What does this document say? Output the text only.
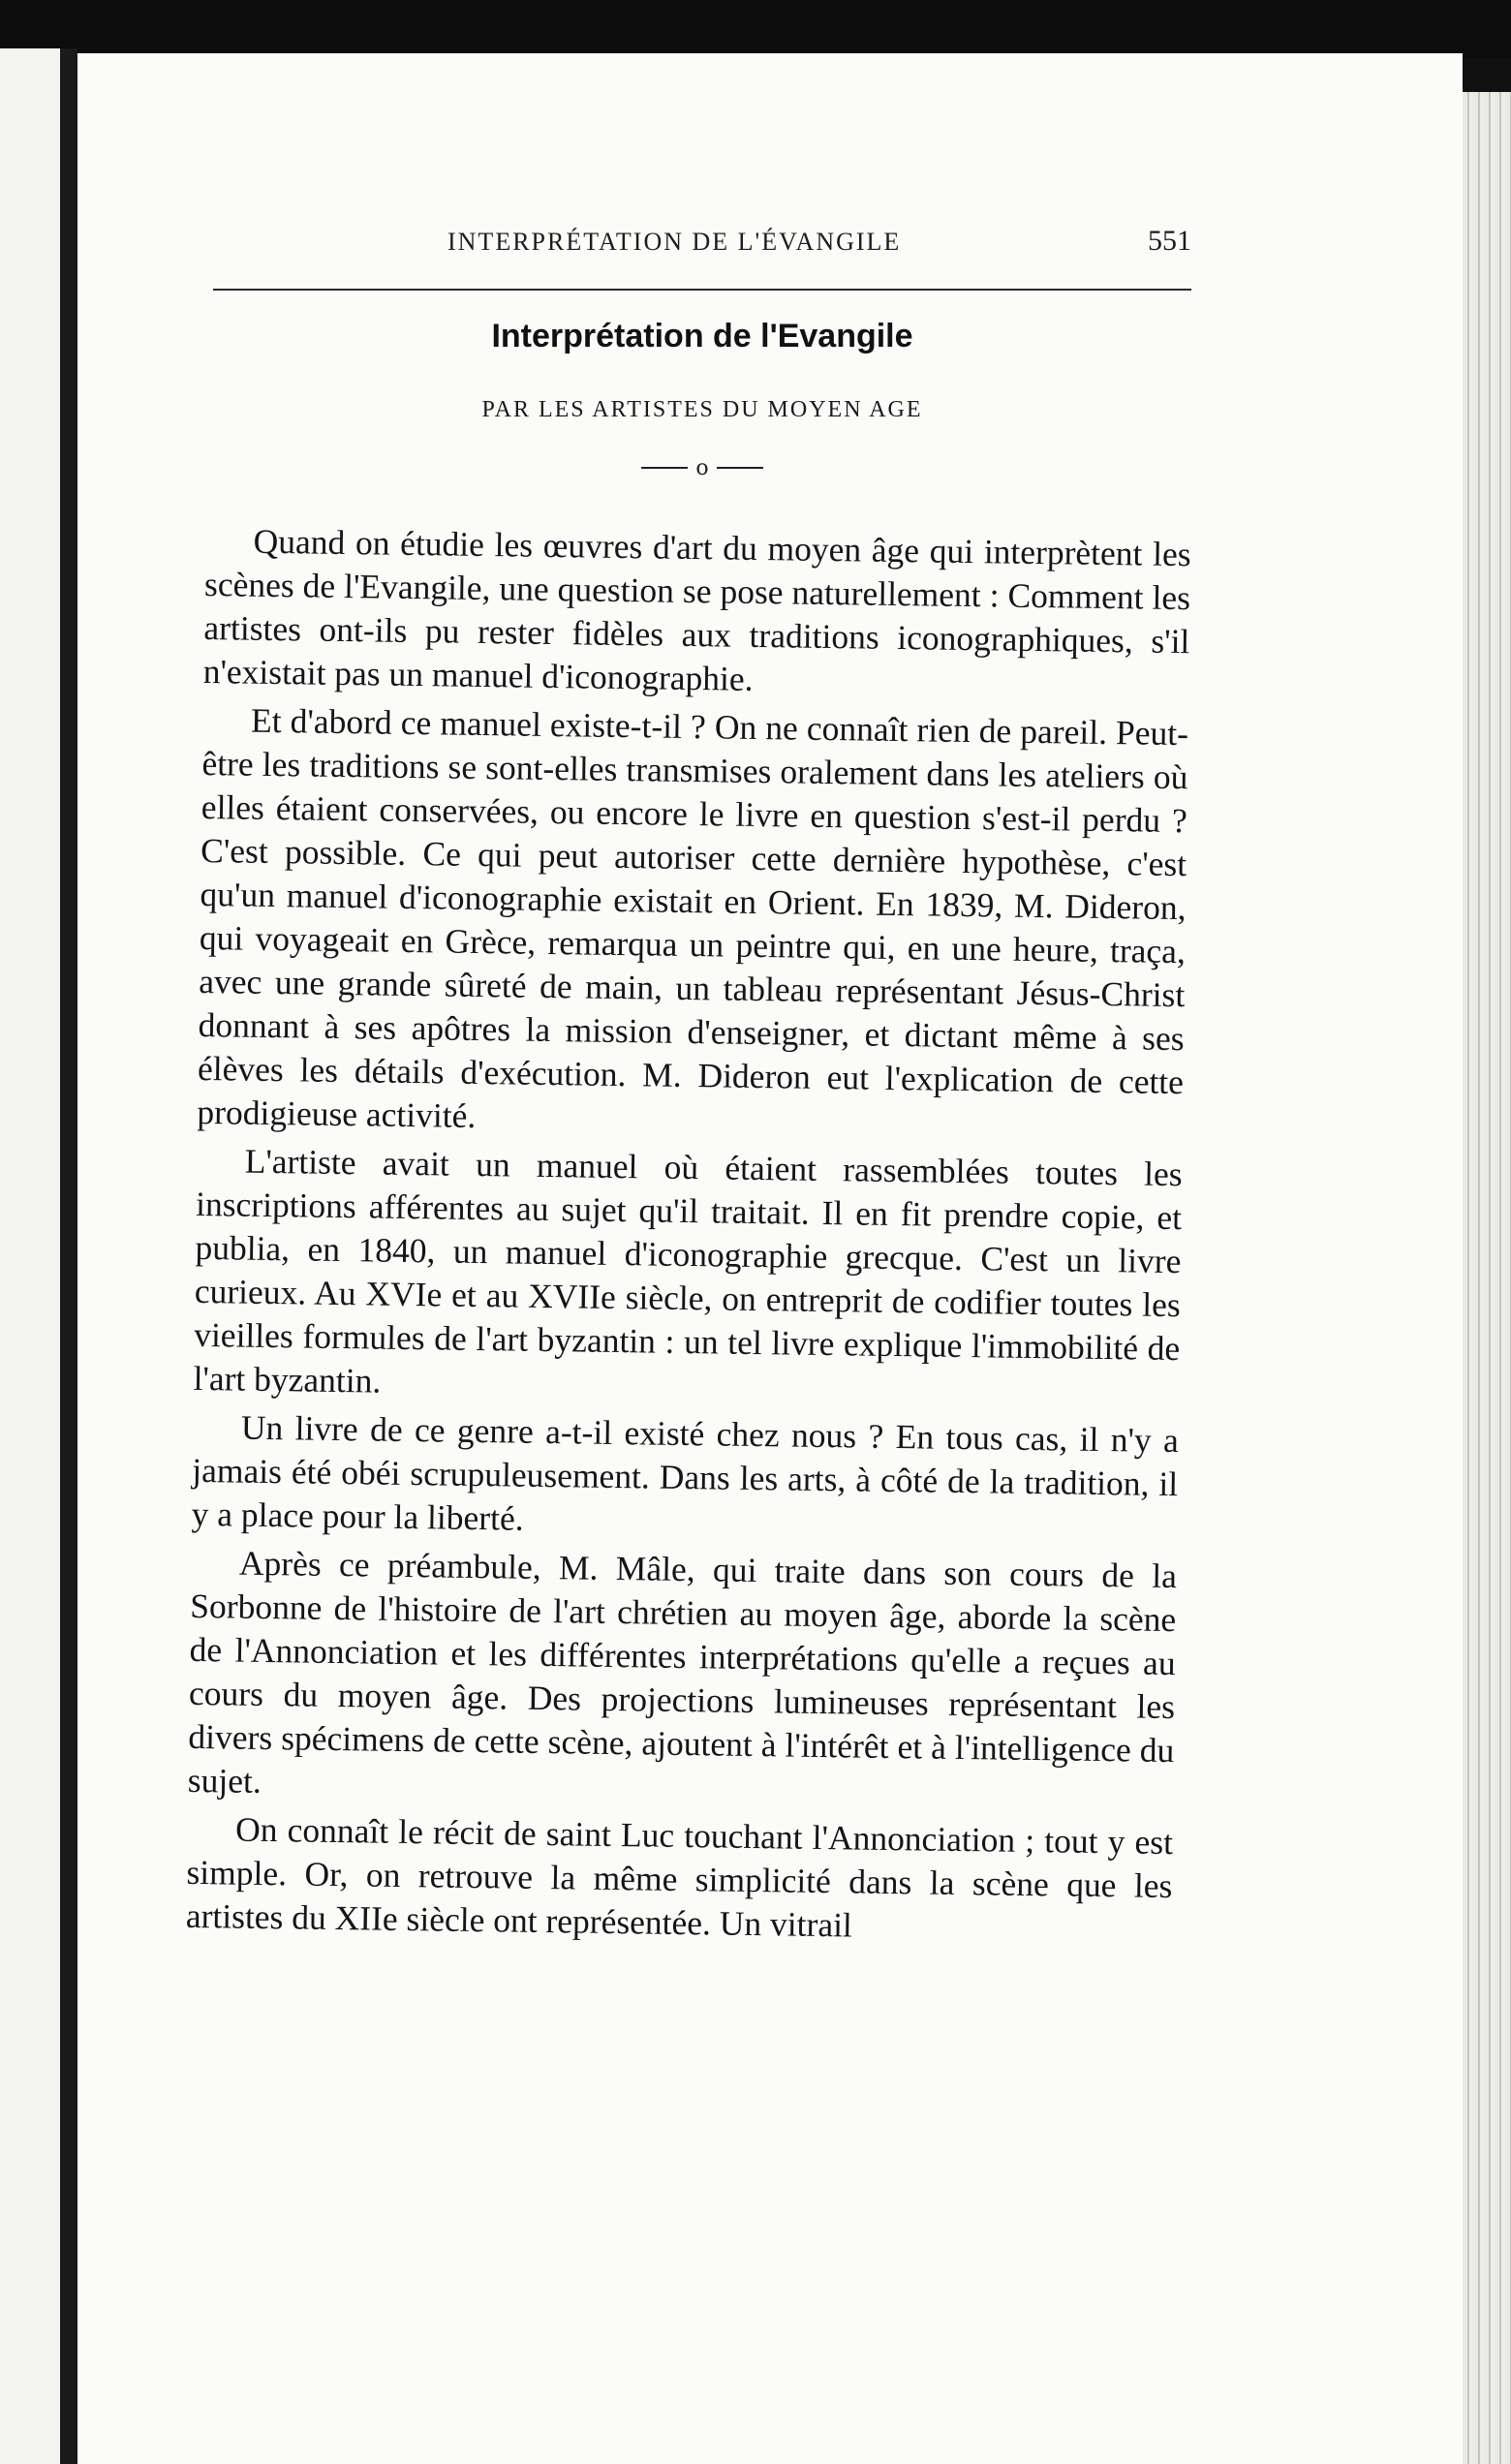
INTERPRÉTATION DE L'ÉVANGILE	551
Interprétation de l'Evangile
PAR LES ARTISTES DU MOYEN AGE
o

Quand on étudie les œuvres d'art du moyen âge qui interprètent les scènes de l'Evangile, une question se pose naturellement : Comment les artistes ont-ils pu rester fidèles aux traditions iconographiques, s'il n'existait pas un manuel d'iconographie.

Et d'abord ce manuel existe-t-il ? On ne connaît rien de pareil. Peut-être les traditions se sont-elles transmises oralement dans les ateliers où elles étaient conservées, ou encore le livre en question s'est-il perdu ? C'est possible. Ce qui peut autoriser cette dernière hypothèse, c'est qu'un manuel d'iconographie existait en Orient. En 1839, M. Dideron, qui voyageait en Grèce, remarqua un peintre qui, en une heure, traça, avec une grande sûreté de main, un tableau représentant Jésus-Christ donnant à ses apôtres la mission d'enseigner, et dictant même à ses élèves les détails d'exécution. M. Dideron eut l'explication de cette prodigieuse activité.

L'artiste avait un manuel où étaient rassemblées toutes les inscriptions afférentes au sujet qu'il traitait. Il en fit prendre copie, et publia, en 1840, un manuel d'iconographie grecque. C'est un livre curieux. Au XVIe et au XVIIe siècle, on entreprit de codifier toutes les vieilles formules de l'art byzantin : un tel livre explique l'immobilité de l'art byzantin.

Un livre de ce genre a-t-il existé chez nous ? En tous cas, il n'y a jamais été obéi scrupuleusement. Dans les arts, à côté de la tradition, il y a place pour la liberté.

Après ce préambule, M. Mâle, qui traite dans son cours de la Sorbonne de l'histoire de l'art chrétien au moyen âge, aborde la scène de l'Annonciation et les différentes interprétations qu'elle a reçues au cours du moyen âge. Des projections lumineuses représentant les divers spécimens de cette scène, ajoutent à l'intérêt et à l'intelligence du sujet.

On connaît le récit de saint Luc touchant l'Annonciation ; tout y est simple. Or, on retrouve la même simplicité dans la scène que les artistes du XIIe siècle ont représentée. Un vitrail
